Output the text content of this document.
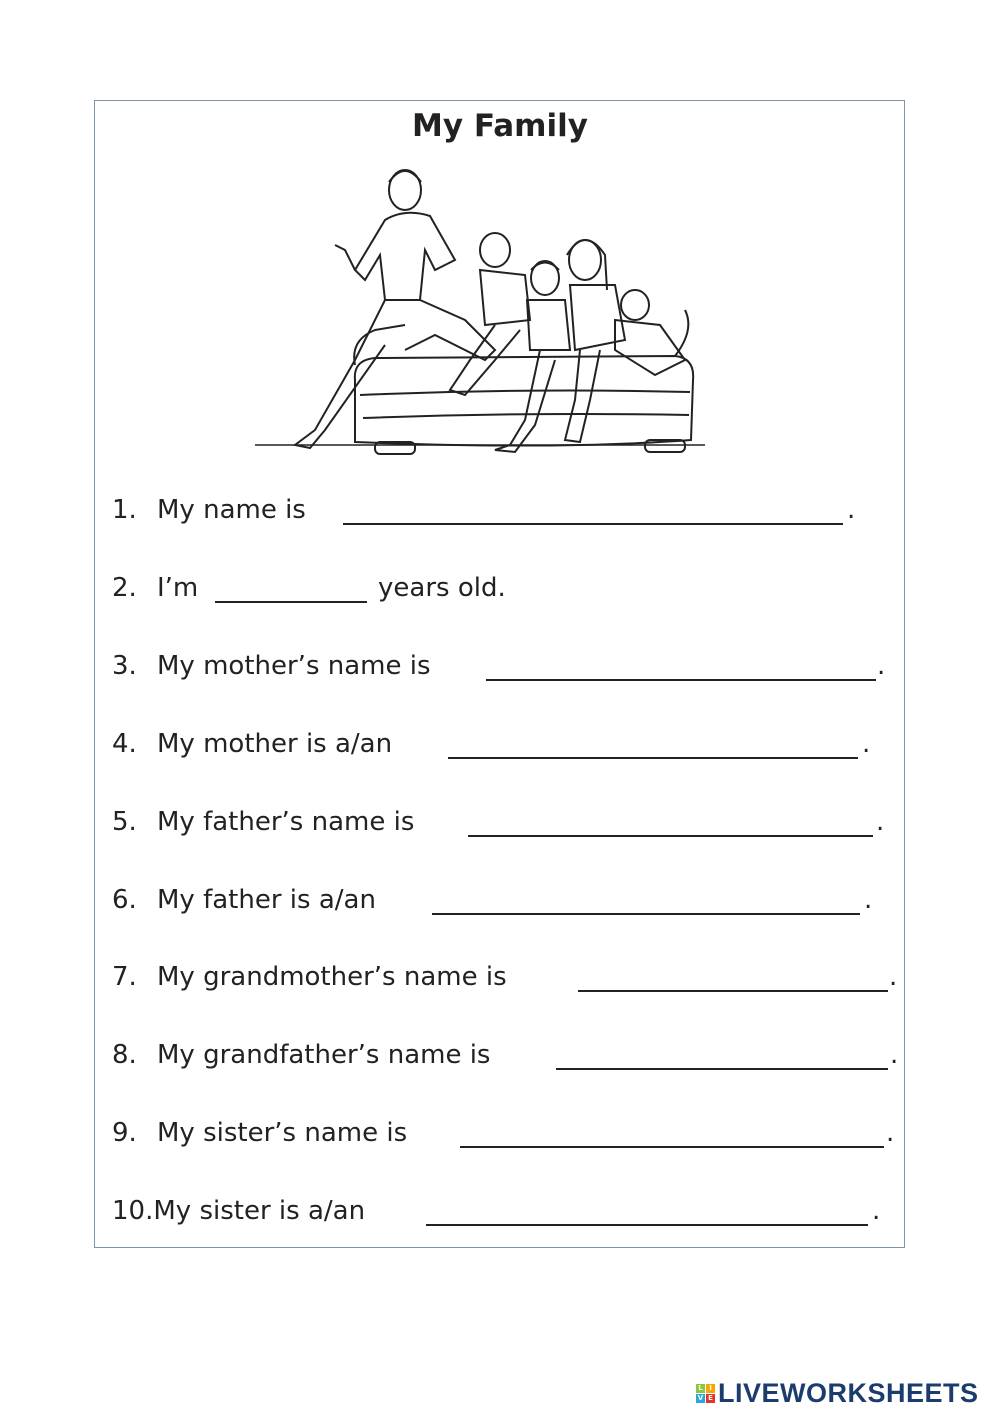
My Family
1. My name is	.
2. I’m	years old.
3. My mother’s name is	.
4. My mother is a/an	.
5. My father’s name is	.
6. My father is a/an	.
7. My grandmother’s name is	.
8. My grandfather’s name is	.
9. My sister’s name is	.
10.My sister is a/an	.
L I
V E LIVEWORKSHEETS
